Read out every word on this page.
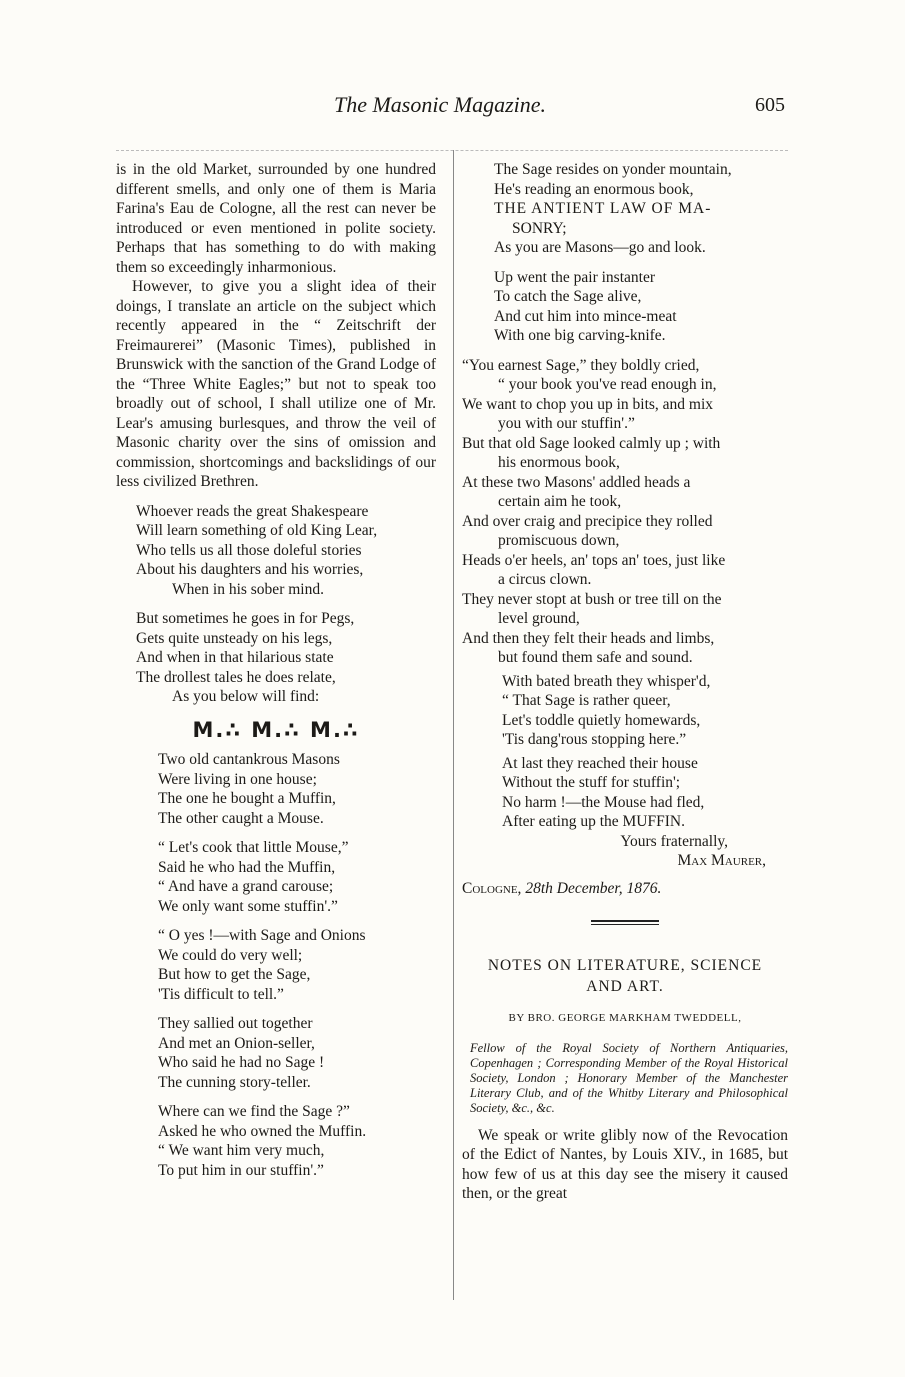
The Masonic Magazine.	605

is in the old Market, surrounded by one hundred different smells, and only one of them is Maria Farina's Eau de Cologne, all the rest can never be introduced or even mentioned in polite society. Perhaps that has something to do with making them so exceedingly inharmonious.

However, to give you a slight idea of their doings, I translate an article on the subject which recently appeared in the “ Zeitschrift der Freimaurerei” (Masonic Times), published in Brunswick with the sanction of the Grand Lodge of the “Three White Eagles;” but not to speak too broadly out of school, I shall utilize one of Mr. Lear's amusing burlesques, and throw the veil of Masonic charity over the sins of omission and commission, shortcomings and backslidings of our less civilized Brethren.

Whoever reads the great Shakespeare
Will learn something of old King Lear,
Who tells us all those doleful stories
About his daughters and his worries,
When in his sober mind.
But sometimes he goes in for Pegs,
Gets quite unsteady on his legs,
And when in that hilarious state
The drollest tales he does relate,
As you below will find:
M.∴ M.∴ M.∴
Two old cantankrous Masons
Were living in one house;
The one he bought a Muffin,
The other caught a Mouse.
“ Let's cook that little Mouse,”
Said he who had the Muffin,
“ And have a grand carouse;
We only want some stuffin'.”
“ O yes !—with Sage and Onions
We could do very well;
But how to get the Sage,
'Tis difficult to tell.”
They sallied out together
And met an Onion-seller,
Who said he had no Sage !
The cunning story-teller.
Where can we find the Sage ?”
Asked he who owned the Muffin.
“ We want him very much,
To put him in our stuffin'.”
The Sage resides on yonder mountain,
He's reading an enormous book,
THE ANTIENT LAW OF MA-
SONRY;
As you are Masons—go and look.
Up went the pair instanter
To catch the Sage alive,
And cut him into mince-meat
With one big carving-knife.
“You earnest Sage,” they boldly cried,
“ your book you've read enough in,
We want to chop you up in bits, and mix
you with our stuffin'.”
But that old Sage looked calmly up ; with
his enormous book,
At these two Masons' addled heads a
certain aim he took,
And over craig and precipice they rolled
promiscuous down,
Heads o'er heels, an' tops an' toes, just like
a circus clown.
They never stopt at bush or tree till on the
level ground,
And then they felt their heads and limbs,
but found them safe and sound.
With bated breath they whisper'd,
“ That Sage is rather queer,
Let's toddle quietly homewards,
'Tis dang'rous stopping here.”
At last they reached their house
Without the stuff for stuffin';
No harm !—the Mouse had fled,
After eating up the MUFFIN.
Yours fraternally,
Max Maurer,
Cologne, 28th December, 1876.
NOTES ON LITERATURE, SCIENCE
AND ART.
BY BRO. GEORGE MARKHAM TWEDDELL,
Fellow of the Royal Society of Northern Antiquaries, Copenhagen ; Corresponding Member of the Royal Historical Society, London ; Honorary Member of the Manchester Literary Club, and of the Whitby Literary and Philosophical Society, &c., &c.

We speak or write glibly now of the Revocation of the Edict of Nantes, by Louis XIV., in 1685, but how few of us at this day see the misery it caused then, or the great
